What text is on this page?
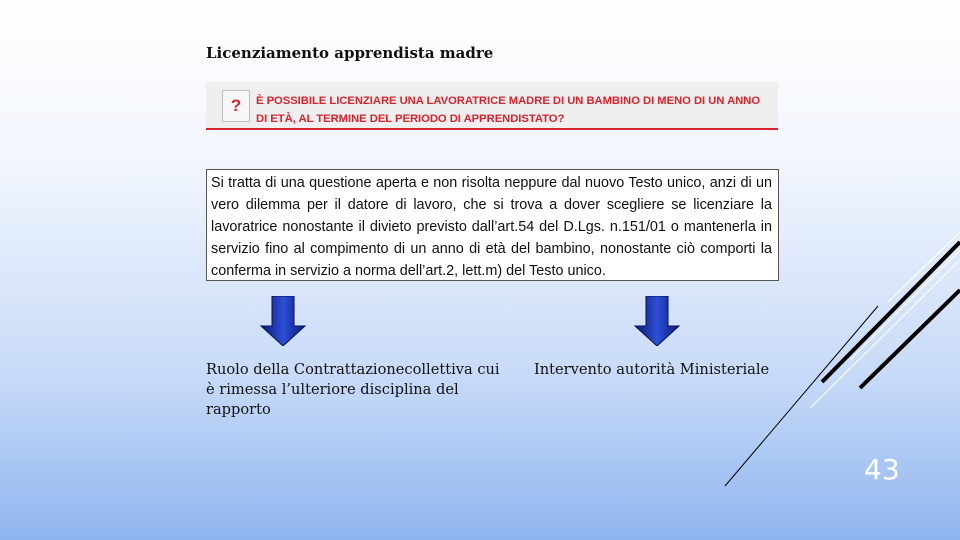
Licenziamento apprendista madre
? È POSSIBILE LICENZIARE UNA LAVORATRICE MADRE DI UN BAMBINO DI MENO DI UN ANNO DI ETÀ, AL TERMINE DEL PERIODO DI APPRENDISTATO?
Si tratta di una questione aperta e non risolta neppure dal nuovo Testo unico, anzi di un vero dilemma per il datore di lavoro, che si trova a dover scegliere se licenziare la lavoratrice nonostante il divieto previsto dall’art.54 del D.Lgs. n.151/01 o mantenerla in servizio fino al compimento di un anno di età del bambino, nonostante ciò comporti la conferma in servizio a norma dell’art.2, lett.m) del Testo unico.
Ruolo della Contrattazionecollettiva cui è rimessa l’ulteriore disciplina del rapporto
Intervento autorità Ministeriale
43
